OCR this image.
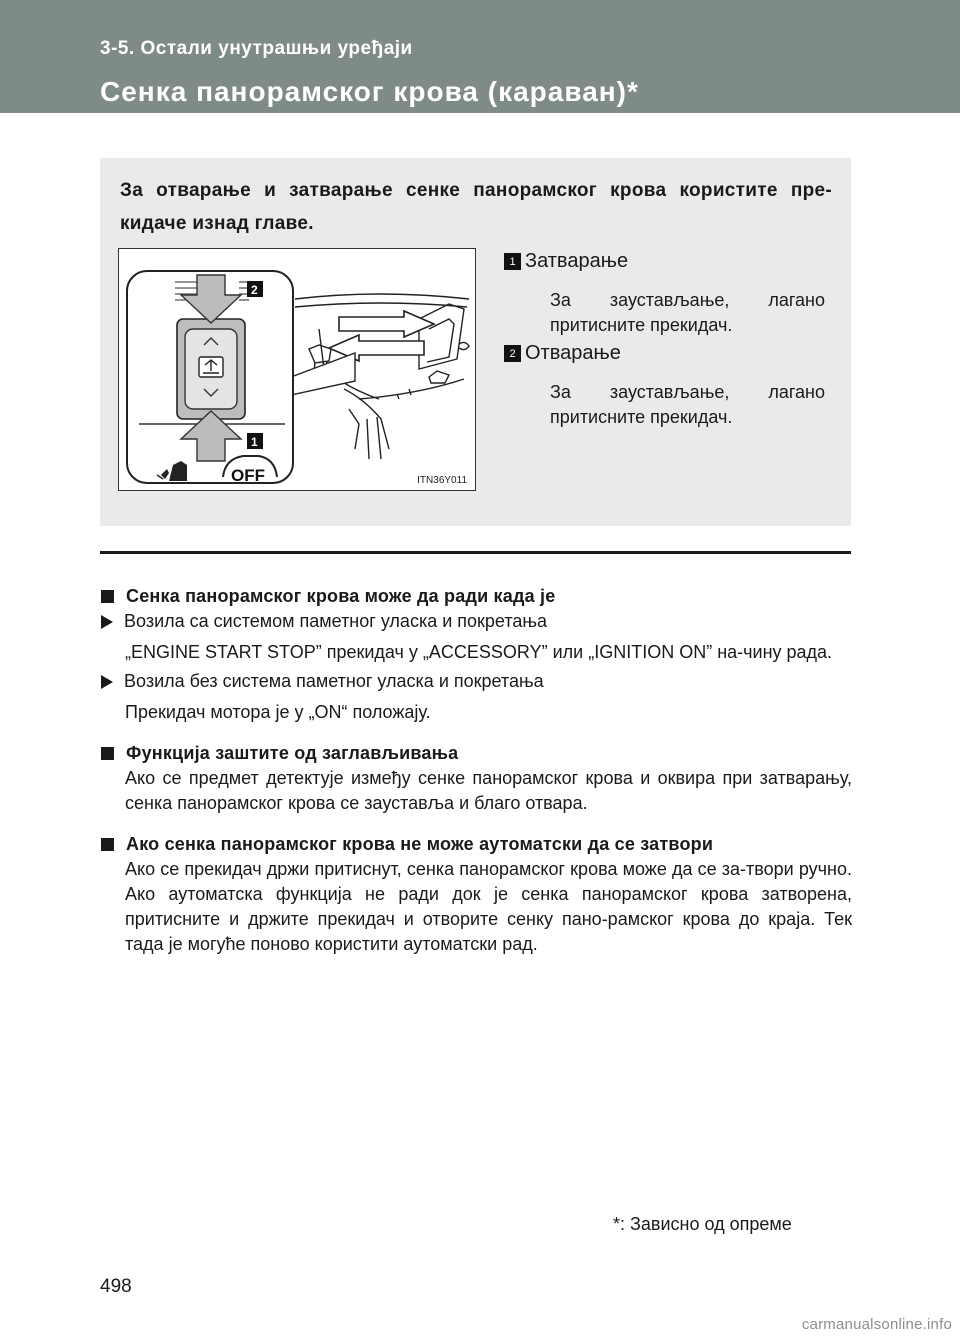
3-5. Остали унутрашњи уређаји
Сенка панорамског крова (караван)*
За отварање и затварање сенке панорамског крова користите пре-кидаче изнад главе.
OFF
2
1
ITN36Y011
1 Затварање
За заустављање, лагано
притисните прекидач.
2 Отварање
За заустављање, лагано
притисните прекидач.
Сенка панорамског крова може да ради када је
Возила са системом паметног уласка и покретања
„ENGINE START STOP” прекидач у „ACCESSORY” или „IGNITION ON” на-чину рада.
Возила без система паметног уласка и покретања
Прекидач мотора је у „ON“ положају.
Функција заштите од заглављивања
Ако се предмет детектује између сенке панорамског крова и оквира при затварању, сенка панорамског крова се зауставља и благо отвара.
Ако сенка панорамског крова не може аутоматски да се затвори
Ако се прекидач држи притиснут, сенка панорамског крова може да се за-твори ручно. Ако аутоматска функција не ради док је сенка панорамског крова затворена, притисните и држите прекидач и отворите сенку пано-рамског крова до краја. Тек тада је могуће поново користити аутоматски рад.
*: Зависно од опреме
498
carmanualsonline.info
